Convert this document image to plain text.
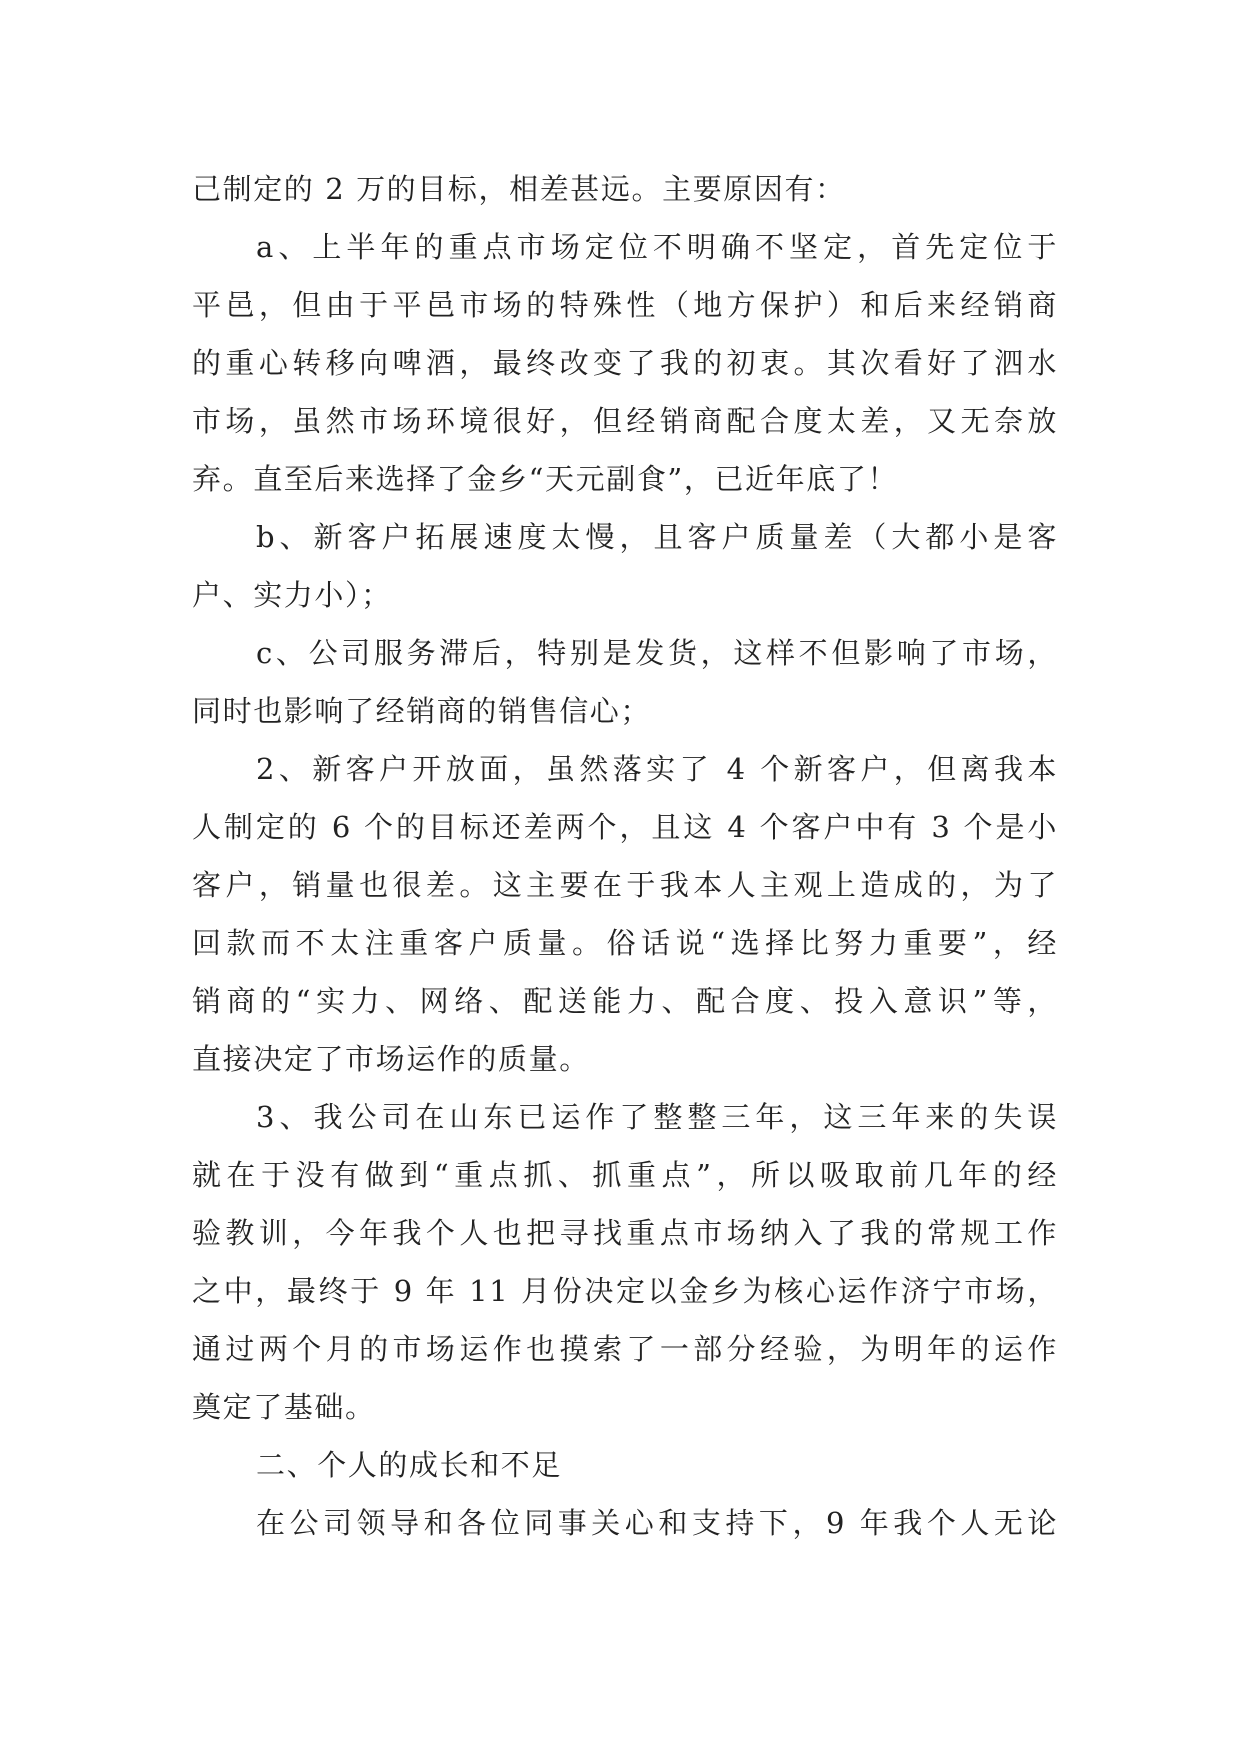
己制定的 2 万的目标，相差甚远。主要原因有：
a、上半年的重点市场定位不明确不坚定，首先定位于
平邑，但由于平邑市场的特殊性（地方保护）和后来经销商
的重心转移向啤酒，最终改变了我的初衷。其次看好了泗水
市场，虽然市场环境很好，但经销商配合度太差，又无奈放
弃。直至后来选择了金乡“天元副食”，已近年底了！
b、新客户拓展速度太慢，且客户质量差（大都小是客
户、实力小）；
c、公司服务滞后，特别是发货，这样不但影响了市场，
同时也影响了经销商的销售信心；
2、新客户开放面，虽然落实了 4 个新客户，但离我本
人制定的 6 个的目标还差两个，且这 4 个客户中有 3 个是小
客户，销量也很差。这主要在于我本人主观上造成的，为了
回款而不太注重客户质量。俗话说“选择比努力重要”，经
销商的“实力、网络、配送能力、配合度、投入意识”等，
直接决定了市场运作的质量。
3、我公司在山东已运作了整整三年，这三年来的失误
就在于没有做到“重点抓、抓重点”，所以吸取前几年的经
验教训，今年我个人也把寻找重点市场纳入了我的常规工作
之中，最终于 9 年 11 月份决定以金乡为核心运作济宁市场，
通过两个月的市场运作也摸索了一部分经验，为明年的运作
奠定了基础。
二、个人的成长和不足
在公司领导和各位同事关心和支持下，9 年我个人无论
